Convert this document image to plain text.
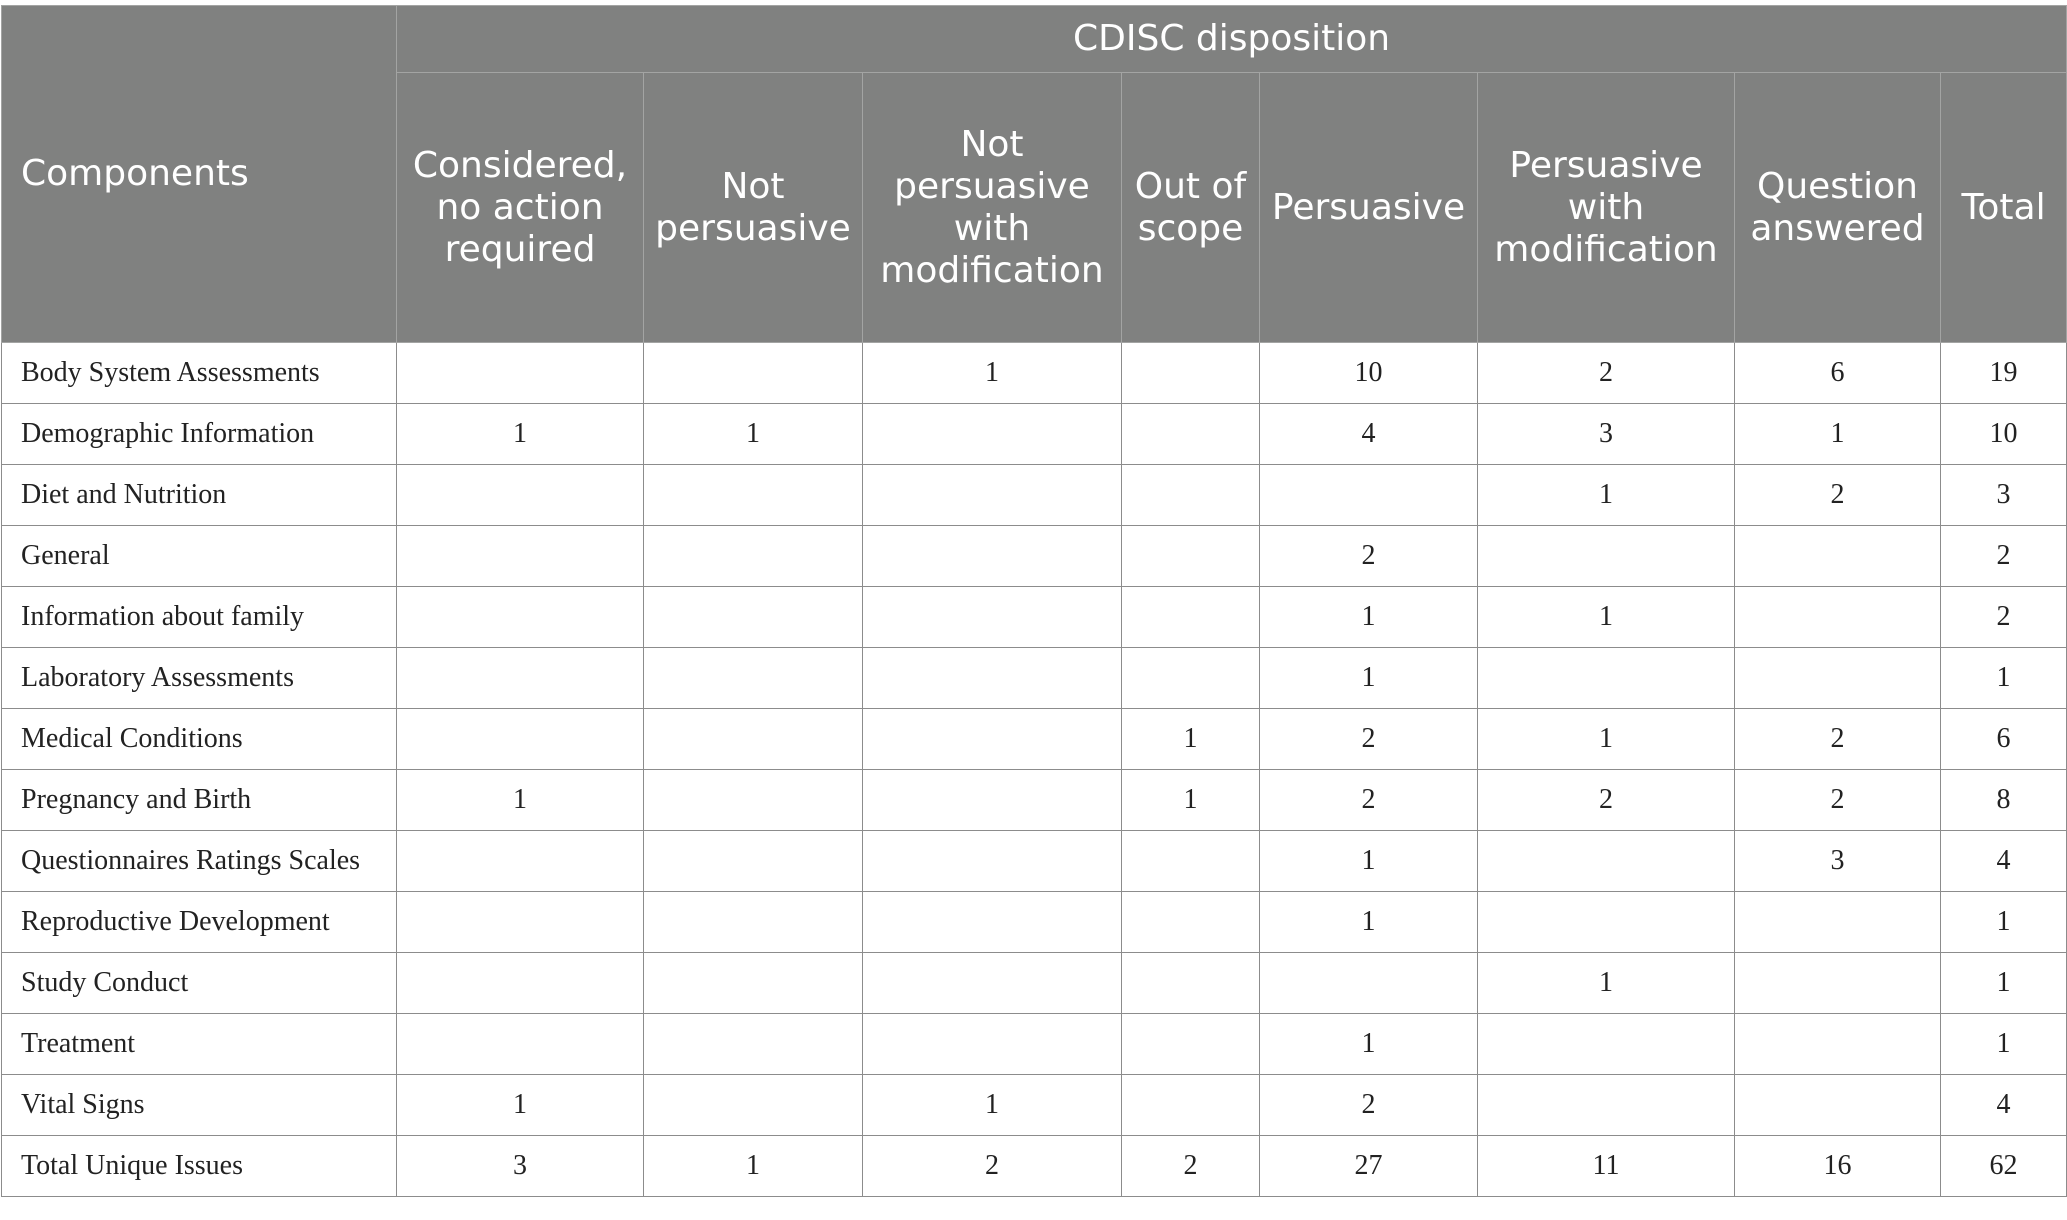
Components	CDISC disposition							
	Considered, no action required	Not persuasive	Not persuasive with modification	Out of scope	Persuasive	Persuasive with modification	Question answered	Total
Body System Assessments			1		10	2	6	19
Demographic Information	1	1			4	3	1	10
Diet and Nutrition						1	2	3
General					2			2
Information about family					1	1		2
Laboratory Assessments					1			1
Medical Conditions				1	2	1	2	6
Pregnancy and Birth	1			1	2	2	2	8
Questionnaires Ratings Scales					1		3	4
Reproductive Development					1			1
Study Conduct						1		1
Treatment					1			1
Vital Signs	1		1		2			4
Total Unique Issues	3	1	2	2	27	11	16	62
